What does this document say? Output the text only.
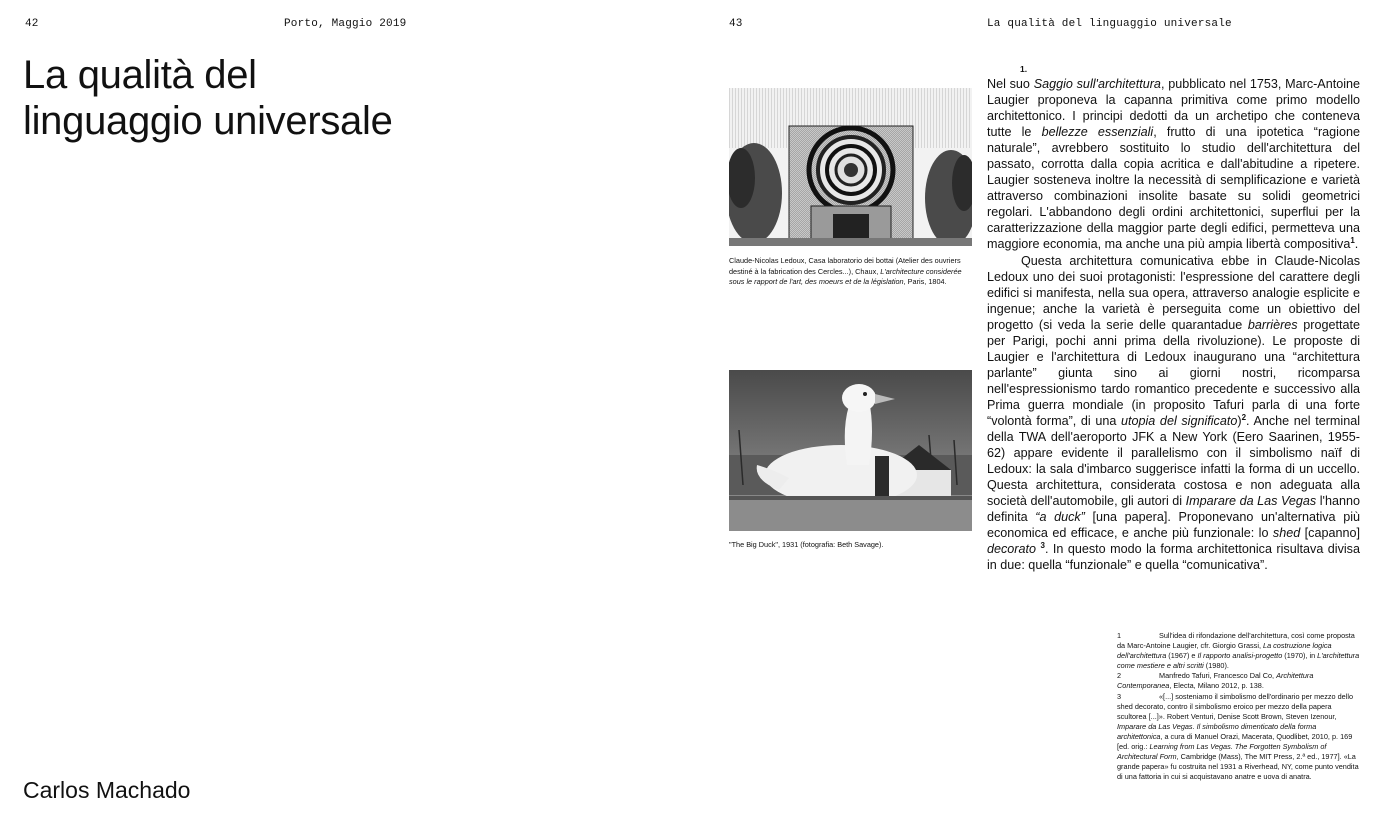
42	Porto, Maggio 2019
La qualità del
linguaggio universale
Carlos Machado
43	La qualità del linguaggio universale
Claude-Nicolas Ledoux, Casa laboratorio dei bottai (Atelier des ouvriers destiné à la fabrication des Cercles...), Chaux, L'architecture considerée sous le rapport de l'art, des moeurs et de la législation, Paris, 1804.
"The Big Duck", 1931 (fotografia: Beth Savage).
1.

Nel suo Saggio sull'architettura, pubblicato nel 1753, Marc-Antoine Laugier proponeva la capanna primitiva come primo modello architettonico. I principi dedotti da un archetipo che conteneva tutte le bellezze essenziali, frutto di una ipotetica “ragione naturale”, avrebbero sostituito lo studio dell'architettura del passato, corrotta dalla copia acritica e dall'abitudine a ripetere. Laugier sosteneva inoltre la necessità di semplificazione e varietà attraverso combinazioni insolite basate su solidi geometrici regolari. L'abbandono degli ordini architettonici, superflui per la caratterizzazione della maggior parte degli edifici, permetteva una maggiore economia, ma anche una più ampia libertà compositiva$^1$.

Questa architettura comunicativa ebbe in Claude-Nicolas Ledoux uno dei suoi protagonisti: l'espressione del carattere degli edifici si manifesta, nella sua opera, attraverso analogie esplicite e ingenue; anche la varietà è perseguita come un obiettivo del progetto (si veda la serie delle quarantadue barrières progettate per Parigi, pochi anni prima della rivoluzione). Le proposte di Laugier e l'architettura di Ledoux inaugurano una “architettura parlante” giunta sino ai giorni nostri, ricomparsa nell'espressionismo tardo romantico precedente e successivo alla Prima guerra mondiale (in proposito Tafuri parla di una forte “volontà forma”, di una utopia del significato)$^2$. Anche nel terminal della TWA dell'aeroporto JFK a New York (Eero Saarinen, 1955-62) appare evidente il parallelismo con il simbolismo naïf di Ledoux: la sala d'imbarco suggerisce infatti la forma di un uccello. Questa architettura, considerata costosa e non adeguata alla società dell'automobile, gli autori di Imparare da Las Vegas l'hanno definita “a duck” [una papera]. Proponevano un'alternativa più economica ed efficace, e anche più funzionale: lo shed [capanno] decorato $^3$. In questo modo la forma architettonica risultava divisa in due: quella “funzionale” e quella “comunicativa”.

1	Sull'idea di rifondazione dell'architettura, così come proposta da Marc-Antoine Laugier, cfr. Giorgio Grassi, La costruzione logica dell'architettura (1967) e Il rapporto analisi-progetto (1970), in L'architettura come mestiere e altri scritti (1980).

2	Manfredo Tafuri, Francesco Dal Co, Architettura Contemporanea, Electa, Milano 2012, p. 138.

3	«[...] sosteniamo il simbolismo dell'ordinario per mezzo dello shed decorato, contro il simbolismo eroico per mezzo della papera scultorea [...]». Robert Venturi, Denise Scott Brown, Steven Izenour, Imparare da Las Vegas. Il simbolismo dimenticato della forma architettonica, a cura di Manuel Orazi, Macerata, Quodlibet, 2010, p. 169 [ed. orig.: Learning from Las Vegas. The Forgotten Symbolism of Architectural Form, Cambridge (Mass), The MIT Press, 2.ª ed., 1977]. «La grande papera» fu costruita nel 1931 a Riverhead, NY, come punto vendita di una fattoria in cui si acquistavano anatre e uova di anatra.
